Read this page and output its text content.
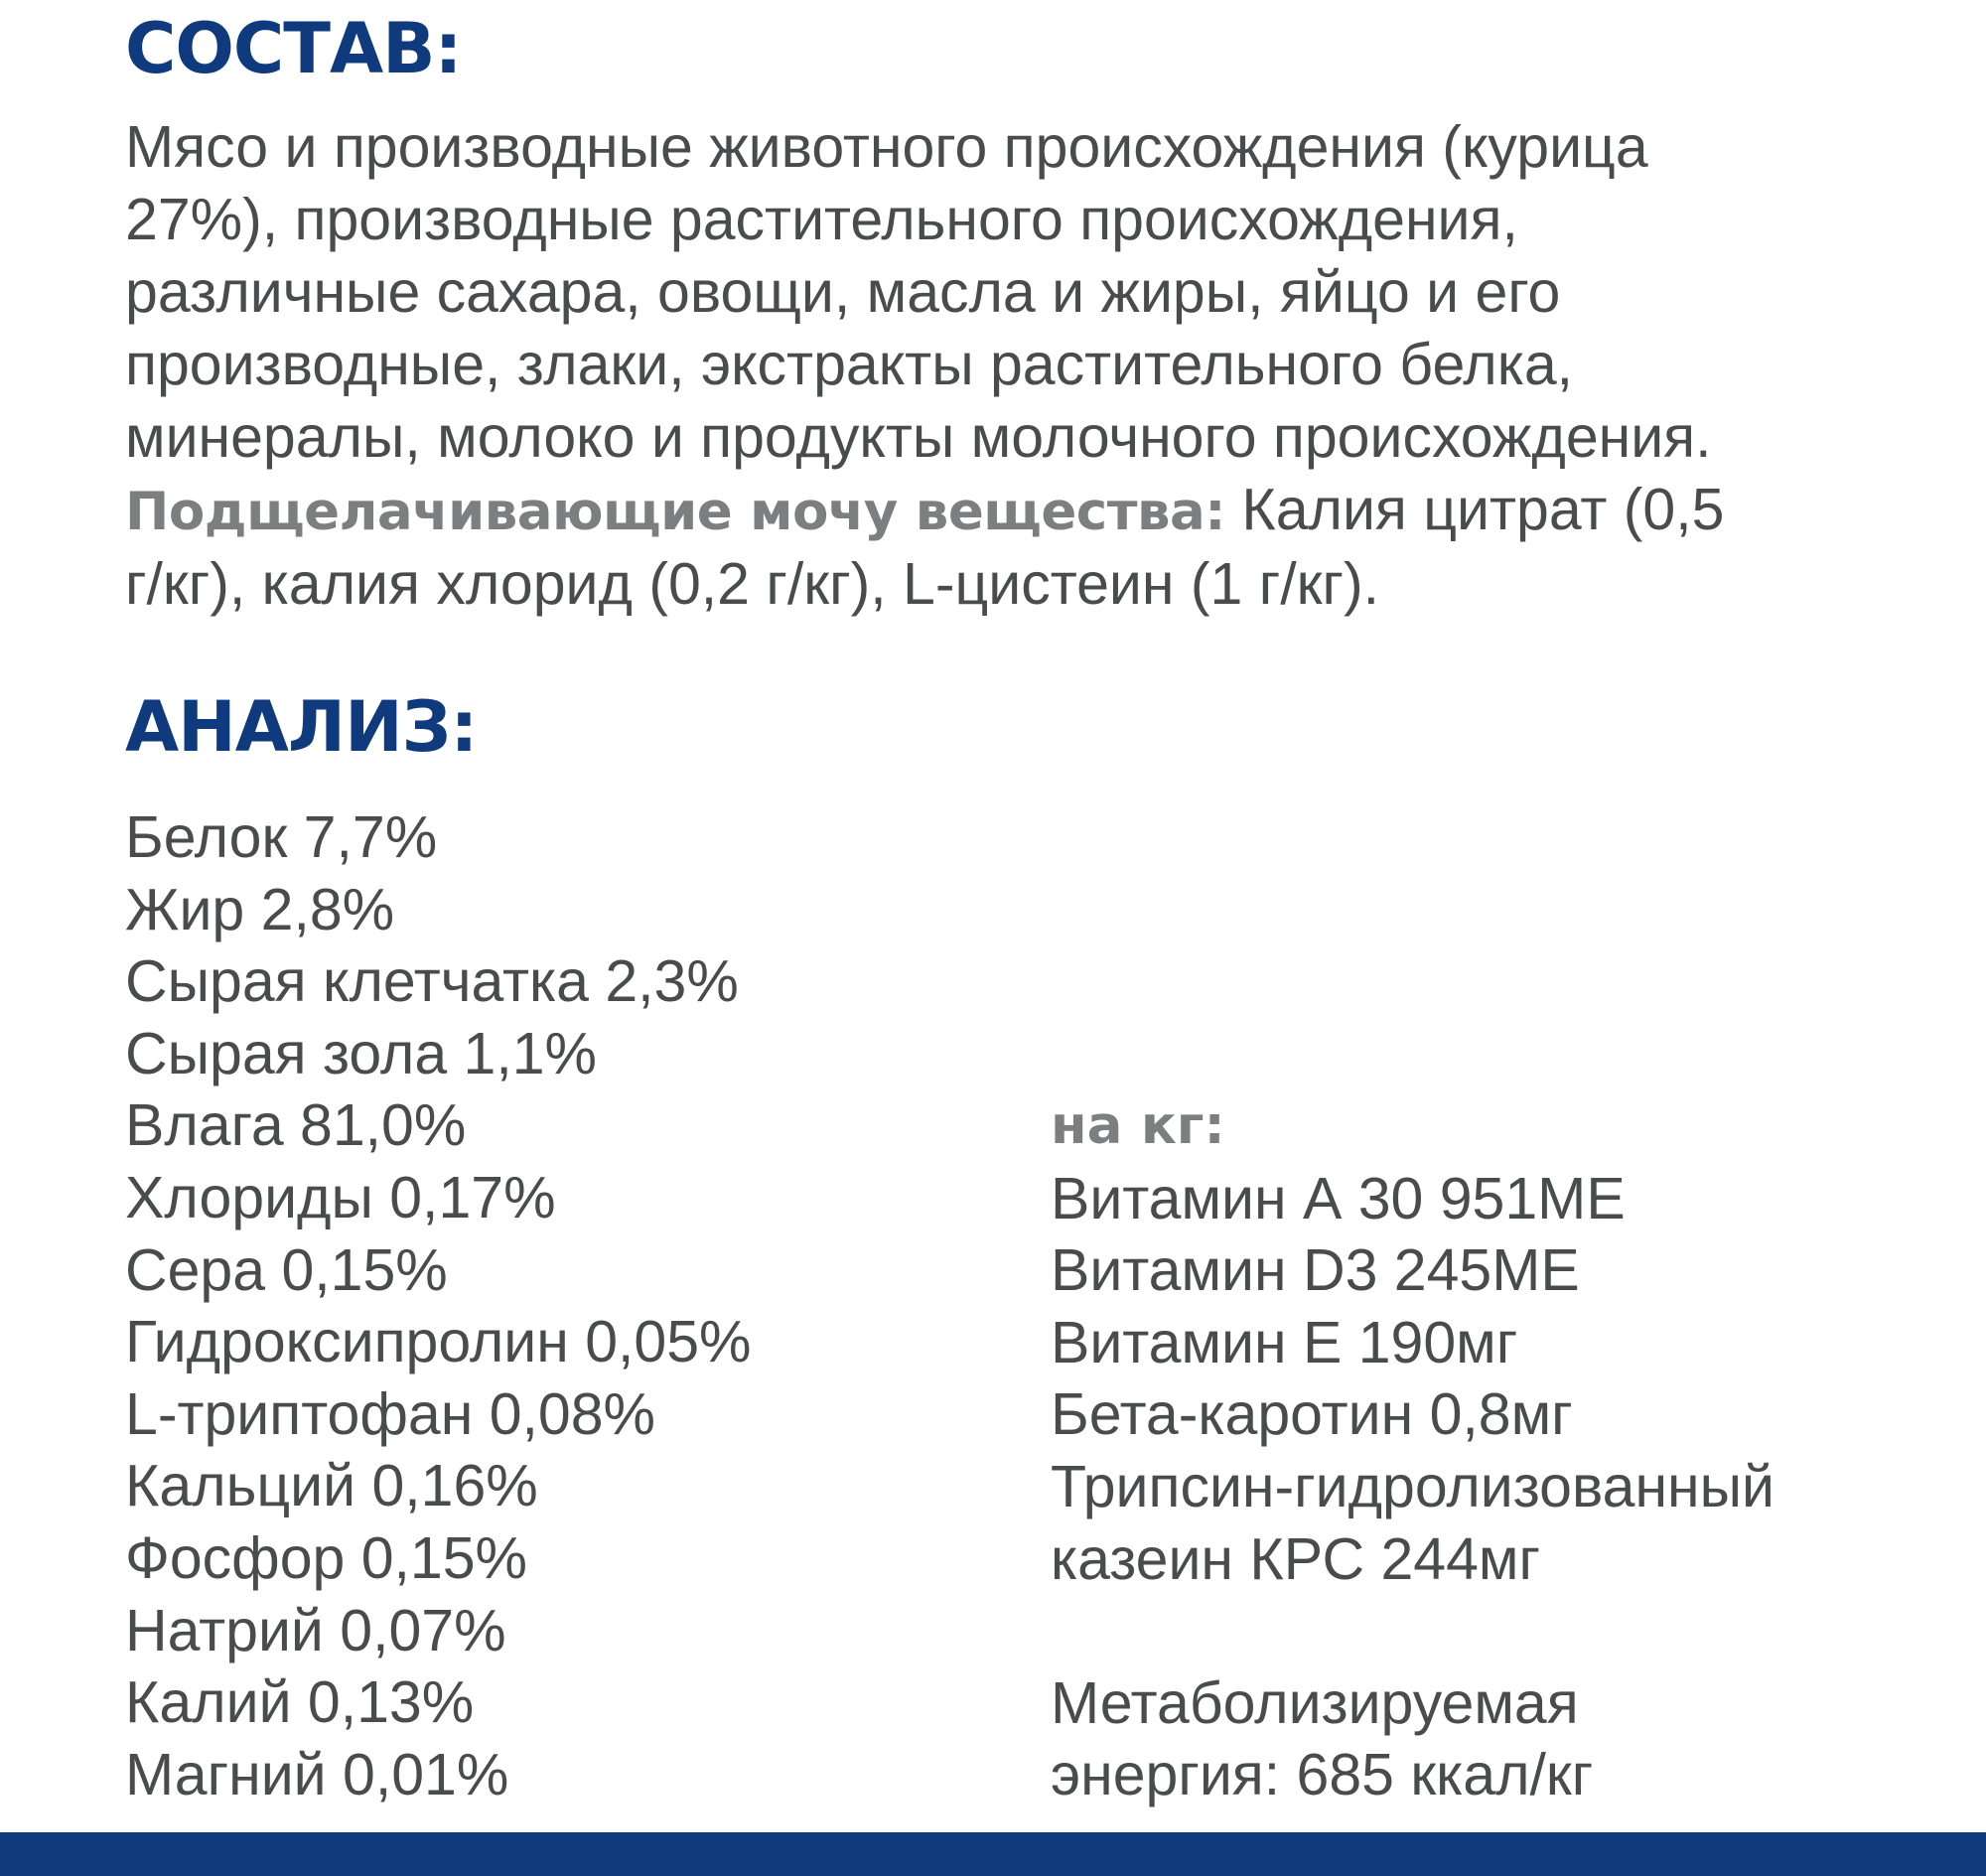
СОСТАВ:

Мясо и производные животного происхождения (курица
27%), производные растительного происхождения,
различные сахара, овощи, масла и жиры, яйцо и его
производные, злаки, экстракты растительного белка,
минералы, молоко и продукты молочного происхождения.
Подщелачивающие мочу вещества: Калия цитрат (0,5
г/кг), калия хлорид (0,2 г/кг), L-цистеин (1 г/кг).

АНАЛИЗ:
Белок 7,7%
Жир 2,8%
Сырая клетчатка 2,3%
Сырая зола 1,1%
Влага 81,0%
Хлориды 0,17%
Сера 0,15%
Гидроксипролин 0,05%
L-триптофан 0,08%
Кальций 0,16%
Фосфор 0,15%
Натрий 0,07%
Калий 0,13%
Магний 0,01%
на кг:
Витамин А 30 951МЕ
Витамин D3 245МЕ
Витамин Е 190мг
Бета-каротин 0,8мг
Трипсин-гидролизованный
казеин КРС 244мг
Метаболизируемая
энергия: 685 ккал/кг
